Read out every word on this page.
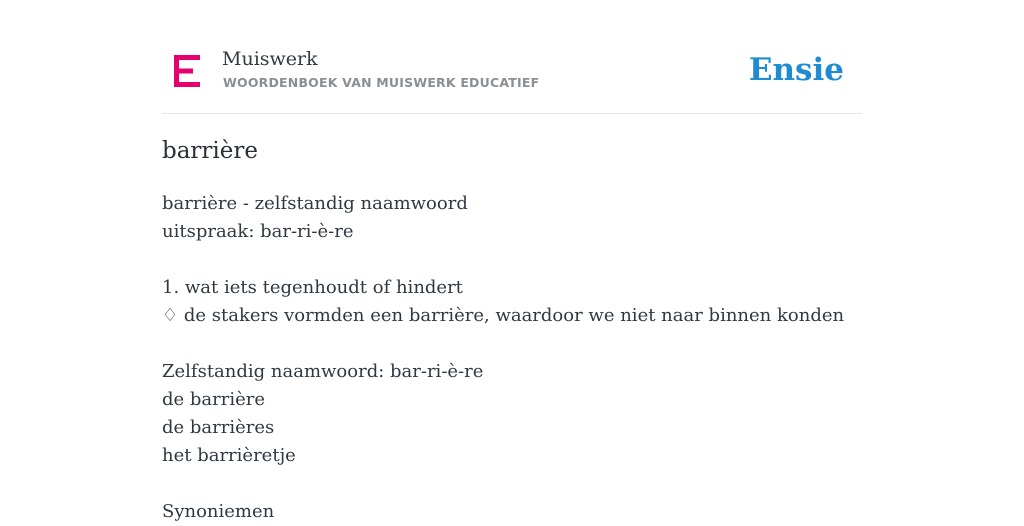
Muiswerk
WOORDENBOEK VAN MUISWERK EDUCATIEF	Ensie
barrière
barrière - zelfstandig naamwoord
uitspraak: bar-ri-è-re
1. wat iets tegenhoudt of hindert
♢ de stakers vormden een barrière, waardoor we niet naar binnen konden
Zelfstandig naamwoord: bar-ri-è-re
de barrière
de barrières
het barrièretje
Synoniemen
